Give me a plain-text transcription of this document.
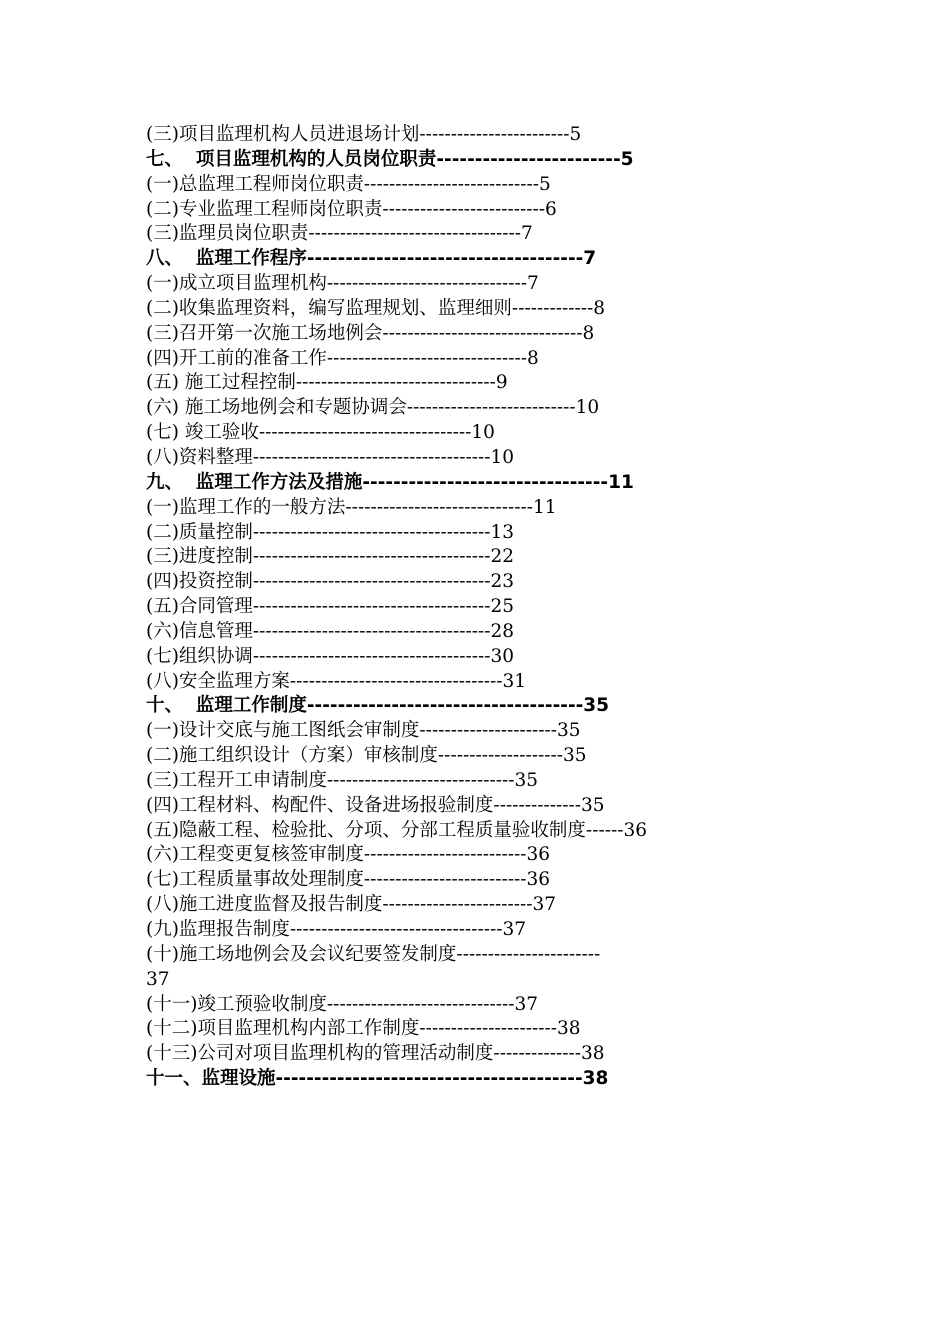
(三)项目监理机构人员进退场计划------------------------5
七、  项目监理机构的人员岗位职责------------------------5
(一)总监理工程师岗位职责----------------------------5
(二)专业监理工程师岗位职责--------------------------6
(三)监理员岗位职责----------------------------------7
八、  监理工作程序------------------------------------7
(一)成立项目监理机构--------------------------------7
(二)收集监理资料，编写监理规划、监理细则-------------8
(三)召开第一次施工场地例会--------------------------------8
(四)开工前的准备工作--------------------------------8
(五) 施工过程控制--------------------------------9
(六) 施工场地例会和专题协调会---------------------------10
(七) 竣工验收----------------------------------10
(八)资料整理--------------------------------------10
九、  监理工作方法及措施--------------------------------11
(一)监理工作的一般方法------------------------------11
(二)质量控制--------------------------------------13
(三)进度控制--------------------------------------22
(四)投资控制--------------------------------------23
(五)合同管理--------------------------------------25
(六)信息管理--------------------------------------28
(七)组织协调--------------------------------------30
(八)安全监理方案----------------------------------31
十、  监理工作制度------------------------------------35
(一)设计交底与施工图纸会审制度----------------------35
(二)施工组织设计（方案）审核制度--------------------35
(三)工程开工申请制度------------------------------35
(四)工程材料、构配件、设备进场报验制度--------------35
(五)隐蔽工程、检验批、分项、分部工程质量验收制度------36
(六)工程变更复核签审制度--------------------------36
(七)工程质量事故处理制度--------------------------36
(八)施工进度监督及报告制度------------------------37
(九)监理报告制度----------------------------------37
(十)施工场地例会及会议纪要签发制度-----------------------
37
(十一)竣工预验收制度------------------------------37
(十二)项目监理机构内部工作制度----------------------38
(十三)公司对项目监理机构的管理活动制度--------------38
十一、监理设施----------------------------------------38
